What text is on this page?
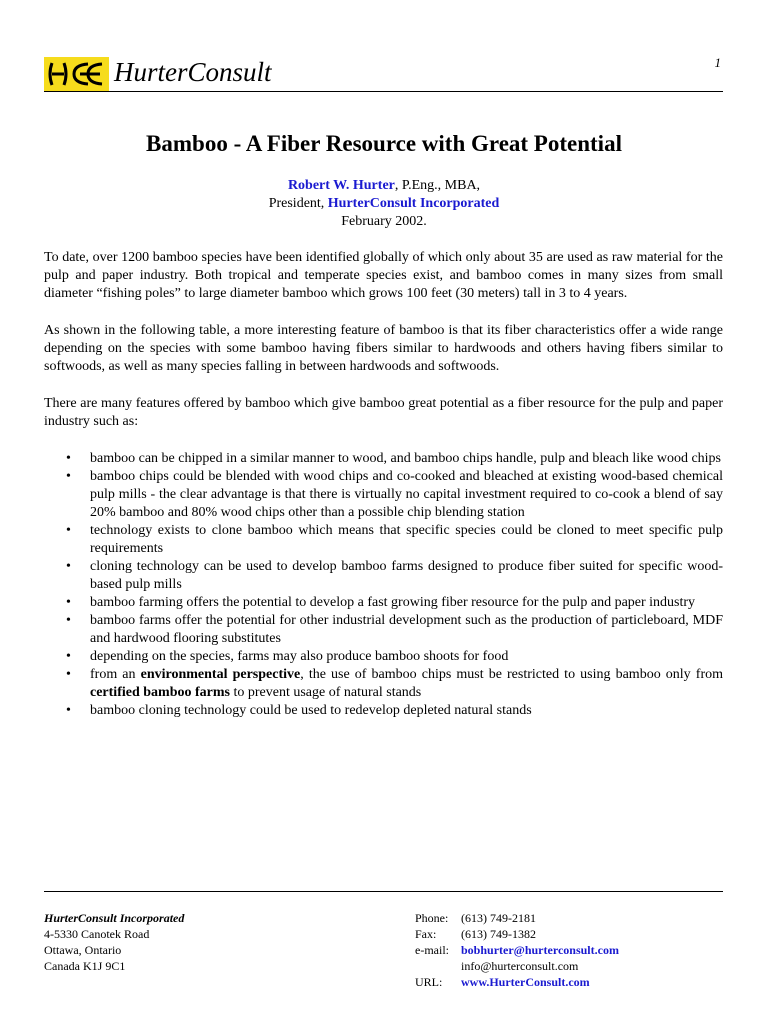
HurterConsult	1
Bamboo - A Fiber Resource with Great Potential
Robert W. Hurter, P.Eng., MBA,
President, HurterConsult Incorporated
February 2002.
To date, over 1200 bamboo species have been identified globally of which only about 35 are used as raw material for the pulp and paper industry. Both tropical and temperate species exist, and bamboo comes in many sizes from small diameter “fishing poles” to large diameter bamboo which grows 100 feet (30 meters) tall in 3 to 4 years.
As shown in the following table, a more interesting feature of bamboo is that its fiber characteristics offer a wide range depending on the species with some bamboo having fibers similar to hardwoods and others having fibers similar to softwoods, as well as many species falling in between hardwoods and softwoods.
There are many features offered by bamboo which give bamboo great potential as a fiber resource for the pulp and paper industry such as:
• bamboo can be chipped in a similar manner to wood, and bamboo chips handle, pulp and bleach like wood chips
• bamboo chips could be blended with wood chips and co-cooked and bleached at existing wood-based chemical pulp mills - the clear advantage is that there is virtually no capital investment required to co-cook a blend of say 20% bamboo and 80% wood chips other than a possible chip blending station
• technology exists to clone bamboo which means that specific species could be cloned to meet specific pulp requirements
• cloning technology can be used to develop bamboo farms designed to produce fiber suited for specific wood-based pulp mills
• bamboo farming offers the potential to develop a fast growing fiber resource for the pulp and paper industry
• bamboo farms offer the potential for other industrial development such as the production of particleboard, MDF and hardwood flooring substitutes
• depending on the species, farms may also produce bamboo shoots for food
• from an environmental perspective, the use of bamboo chips must be restricted to using bamboo only from certified bamboo farms to prevent usage of natural stands
• bamboo cloning technology could be used to redevelop depleted natural stands
HurterConsult Incorporated
4-5330 Canotek Road
Ottawa, Ontario
Canada K1J 9C1
Phone:	(613) 749-2181
Fax:	(613) 749-1382
e-mail:	bobhurter@hurterconsult.com
info@hurterconsult.com
URL:	www.HurterConsult.com
